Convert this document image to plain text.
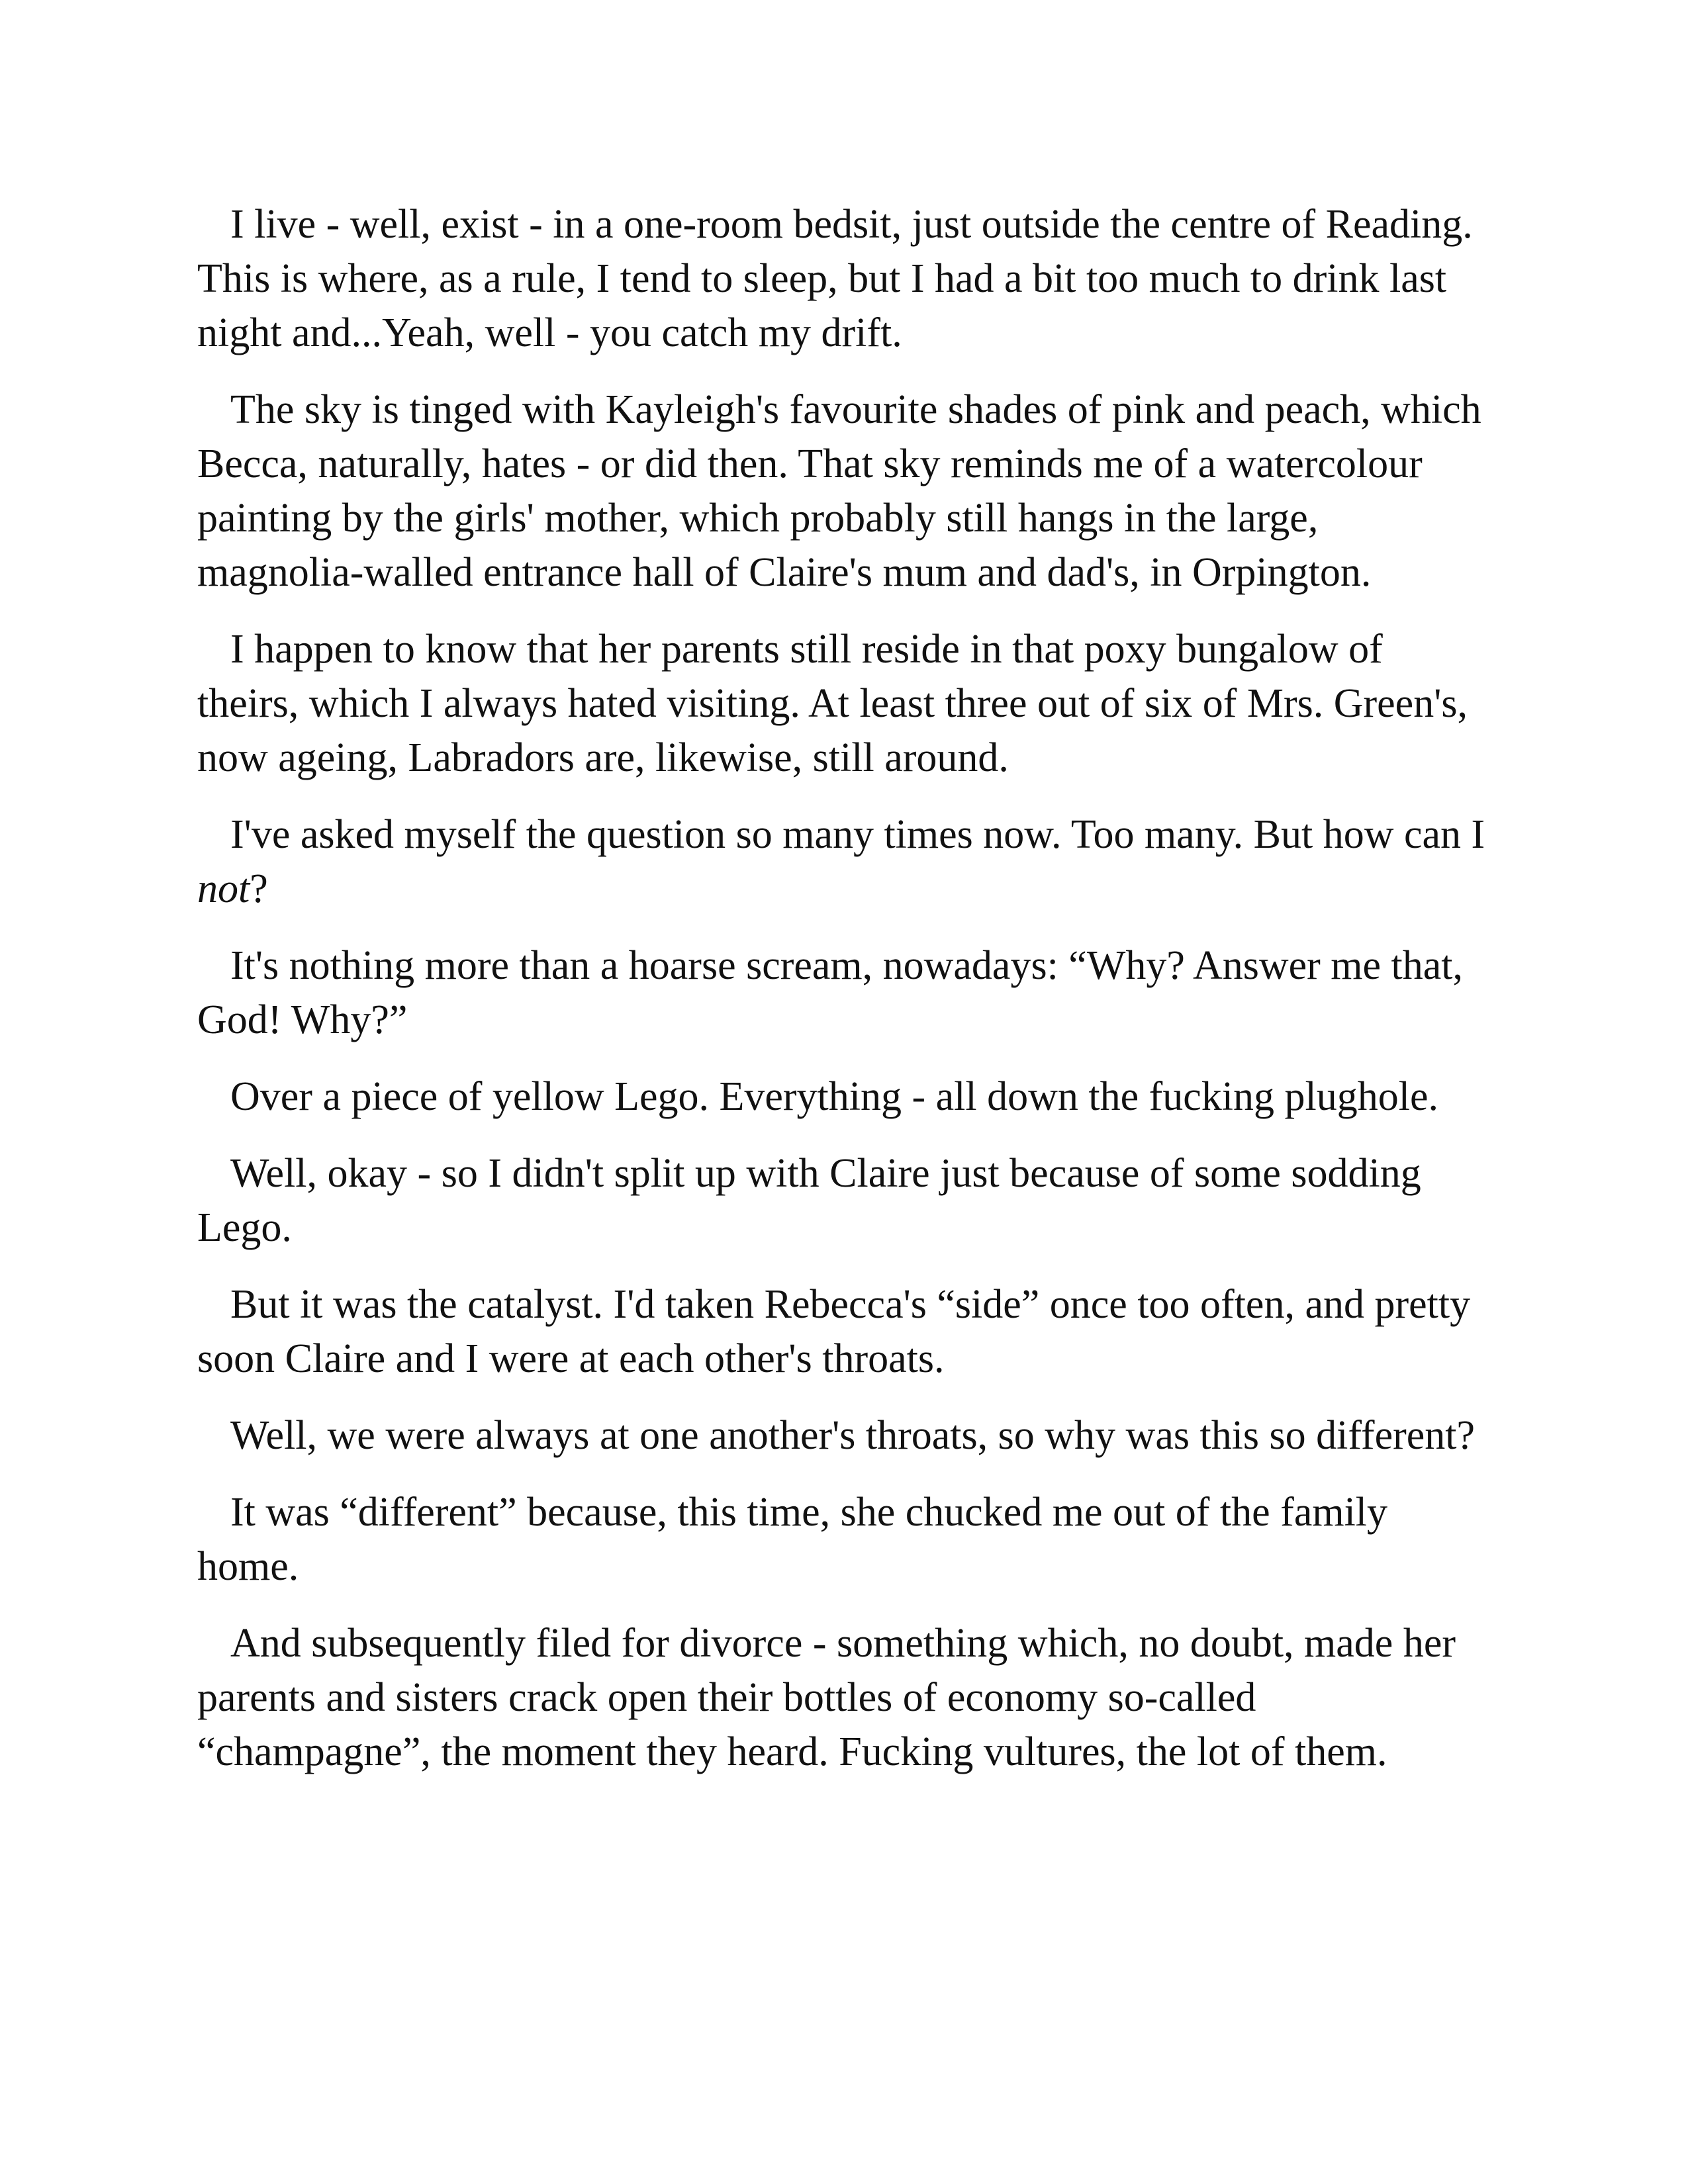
I live - well, exist - in a one-room bedsit, just outside the centre of Reading. This is where, as a rule, I tend to sleep, but I had a bit too much to drink last night and...Yeah, well - you catch my drift.

The sky is tinged with Kayleigh's favourite shades of pink and peach, which Becca, naturally, hates - or did then. That sky reminds me of a watercolour painting by the girls' mother, which probably still hangs in the large, magnolia-walled entrance hall of Claire's mum and dad's, in Orpington.

I happen to know that her parents still reside in that poxy bungalow of theirs, which I always hated visiting. At least three out of six of Mrs. Green's, now ageing, Labradors are, likewise, still around.

I've asked myself the question so many times now. Too many. But how can I not?

It's nothing more than a hoarse scream, nowadays: “Why? Answer me that, God! Why?”

Over a piece of yellow Lego. Everything - all down the fucking plughole.

Well, okay - so I didn't split up with Claire just because of some sodding Lego.

But it was the catalyst. I'd taken Rebecca's “side” once too often, and pretty soon Claire and I were at each other's throats.

Well, we were always at one another's throats, so why was this so different?

It was “different” because, this time, she chucked me out of the family home.

And subsequently filed for divorce - something which, no doubt, made her parents and sisters crack open their bottles of economy so-called “champagne”, the moment they heard. Fucking vultures, the lot of them.
